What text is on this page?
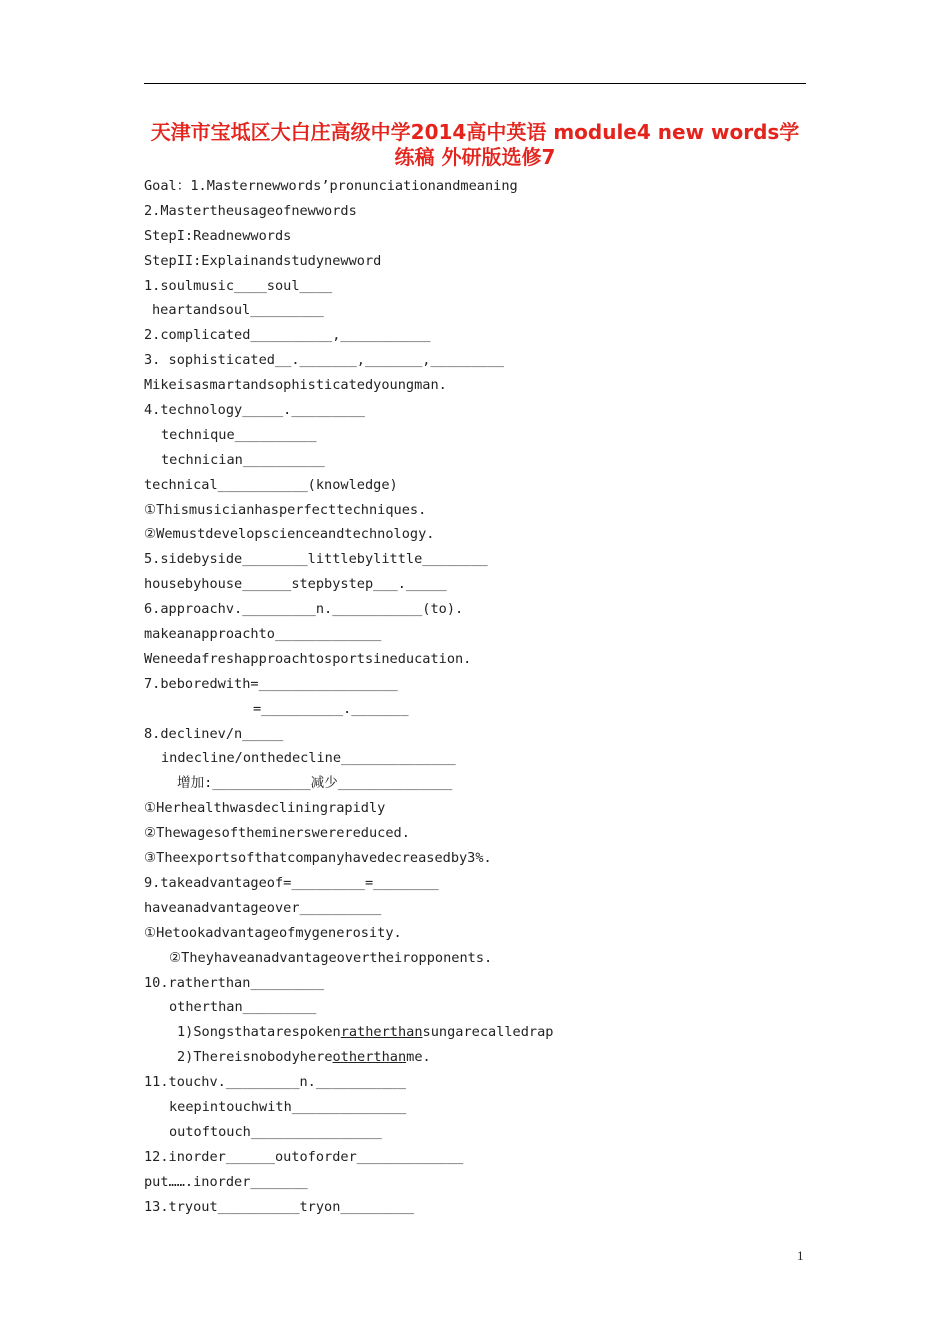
天津市宝坻区大白庄高级中学2014高中英语 module4 new words学
练稿 外研版选修7
Goal：1.Masternewwords’pronunciationandmeaning
2.Mastertheusageofnewwords
StepI:Readnewwords
StepII:Explainandstudynewword
1.soulmusic____soul____
heartandsoul_________
2.complicated__________,___________
3. sophisticated__._______,_______,_________
Mikeisasmartandsophisticatedyoungman.
4.technology_____._________
technique__________
technician__________
technical___________(knowledge)
①Thismusicianhasperfecttechniques.
②Wemustdevelopscienceandtechnology.
5.sidebyside________littlebylittle________
housebyhouse______stepbystep___._____
6.approachv._________n.___________(to).
makeanapproachto_____________
Weneedafreshapproachtosportsineducation.
7.beboredwith=_________________
=__________._______
8.declinev/n_____
indecline/onthedecline______________
增加:____________减少______________
①Herhealthwasdecliningrapidly
②Thewagesoftheminerswerereduced.
③Theexportsofthatcompanyhavedecreasedby3%.
9.takeadvantageof=_________=________
haveanadvantageover__________
①Hetookadvantageofmygenerosity.
②Theyhaveanadvantageovertheiropponents.
10.ratherthan_________
otherthan_________
1)Songsthatarespokenratherthansungarecalledrap
2)Thereisnobodyhereotherthanme.
11.touchv._________n.___________
keepintouchwith______________
outoftouch________________
12.inorder______outoforder_____________
put…….inorder_______
13.tryout__________tryon_________
1
